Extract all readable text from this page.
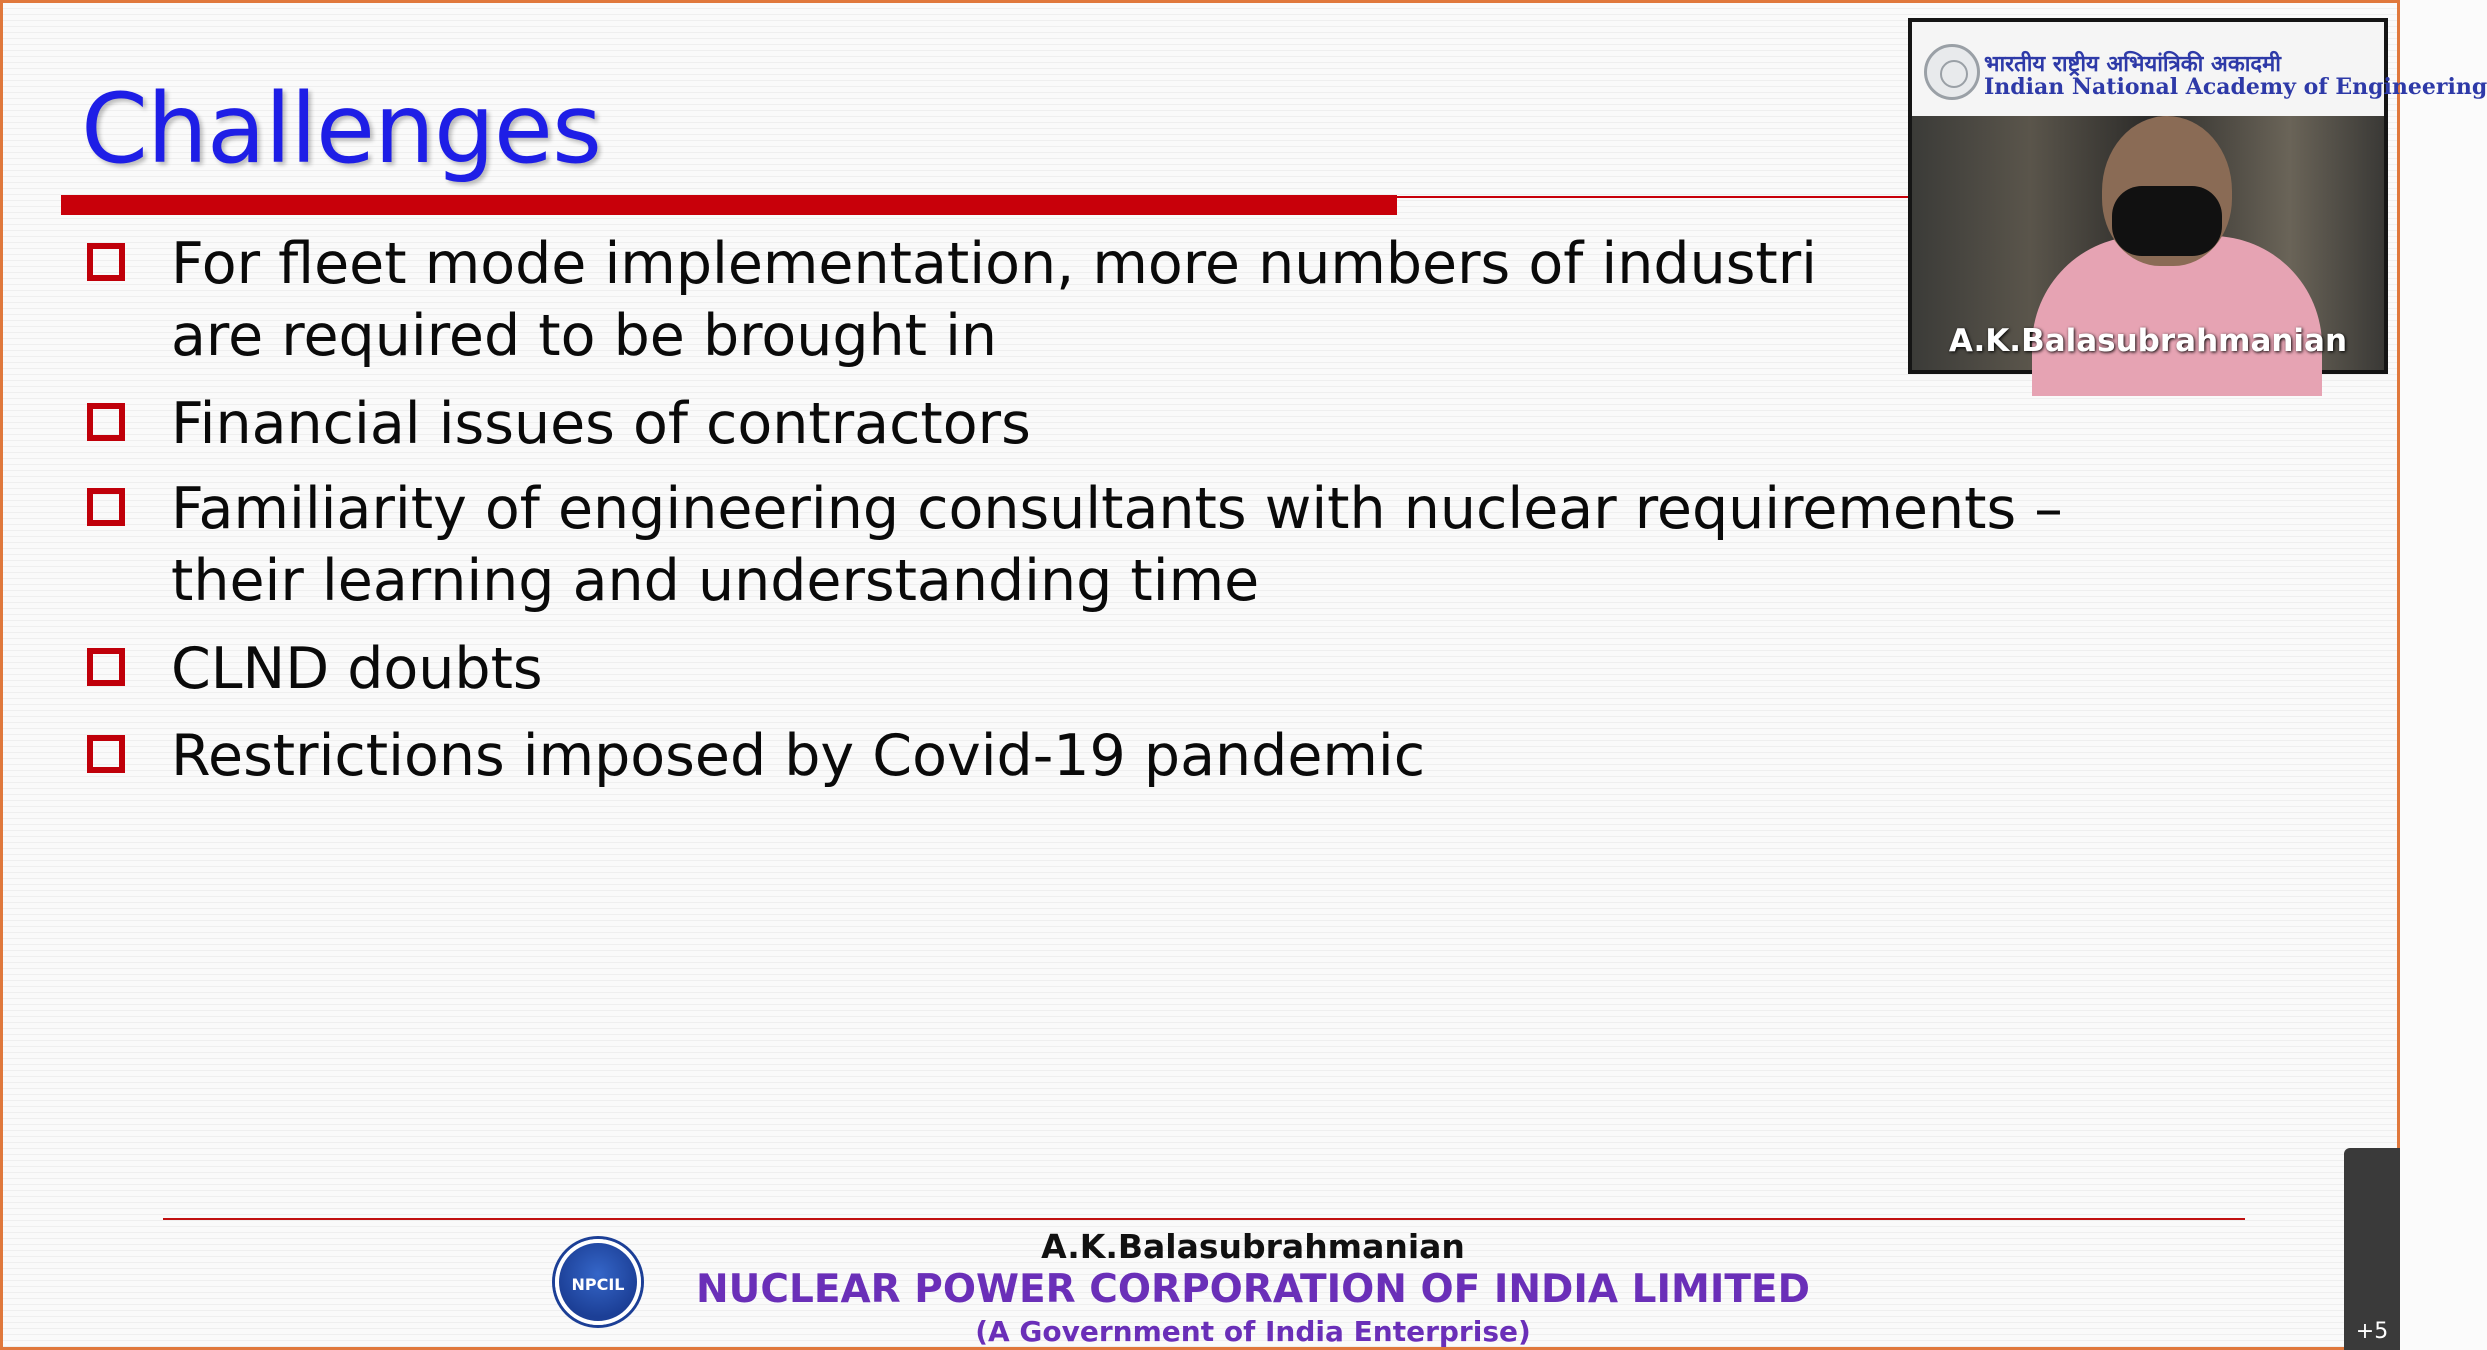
Challenges
For fleet mode implementation, more numbers of industri
are required to be brought in
Financial issues of contractors
Familiarity of engineering consultants with nuclear requirements –
their learning and understanding time
CLND doubts
Restrictions imposed by Covid-19 pandemic
NPCIL
A.K.Balasubrahmanian
NUCLEAR POWER CORPORATION OF INDIA LIMITED
(A Government of India Enterprise)
भारतीय राष्ट्रीय अभियांत्रिकी अकादमी
Indian National Academy of Engineering
A.K.Balasubrahmanian
+5
